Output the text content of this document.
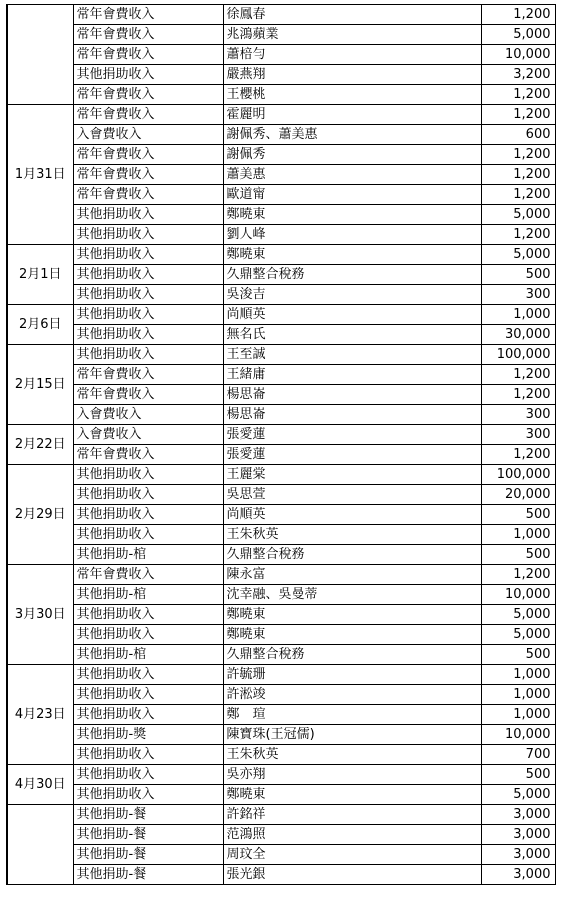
	常年會費收入	徐鳳春	1,200
	常年會費收入	兆鴻蘋業	5,000
	常年會費收入	蕭棓勻	10,000
	其他捐助收入	嚴燕翔	3,200
	常年會費收入	王櫻桃	1,200
1月31日	常年會費收入	霍麗明	1,200
	入會費收入	謝佩秀、蕭美惠	600
	常年會費收入	謝佩秀	1,200
	常年會費收入	蕭美惠	1,200
	常年會費收入	歐道甯	1,200
	其他捐助收入	鄭曉東	5,000
	其他捐助收入	劉人峰	1,200
2月1日	其他捐助收入	鄭曉東	5,000
	其他捐助收入	久鼎整合稅務	500
	其他捐助收入	吳浚吉	300
2月6日	其他捐助收入	尚順英	1,000
	其他捐助收入	無名氏	30,000
2月15日	其他捐助收入	王至誠	100,000
	常年會費收入	王緒庸	1,200
	常年會費收入	楊思崙	1,200
	入會費收入	楊思崙	300
2月22日	入會費收入	張愛蓮	300
	常年會費收入	張愛蓮	1,200
2月29日	其他捐助收入	王麗棠	100,000
	其他捐助收入	吳思萱	20,000
	其他捐助收入	尚順英	500
	其他捐助收入	王朱秋英	1,000
	其他捐助-棺	久鼎整合稅務	500
3月30日	常年會費收入	陳永富	1,200
	其他捐助-棺	沈幸融、吳曼蒂	10,000
	其他捐助收入	鄭曉東	5,000
	其他捐助收入	鄭曉東	5,000
	其他捐助-棺	久鼎整合稅務	500
4月23日	其他捐助收入	許毓珊	1,000
	其他捐助收入	許淞竣	1,000
	其他捐助收入	鄭　瑄	1,000
	其他捐助-獎	陳寶珠(王冠儒)	10,000
	其他捐助收入	王朱秋英	700
4月30日	其他捐助收入	吳亦翔	500
	其他捐助收入	鄭曉東	5,000
	其他捐助-餐	許銘祥	3,000
	其他捐助-餐	范鴻照	3,000
	其他捐助-餐	周玟全	3,000
	其他捐助-餐	張光銀	3,000
